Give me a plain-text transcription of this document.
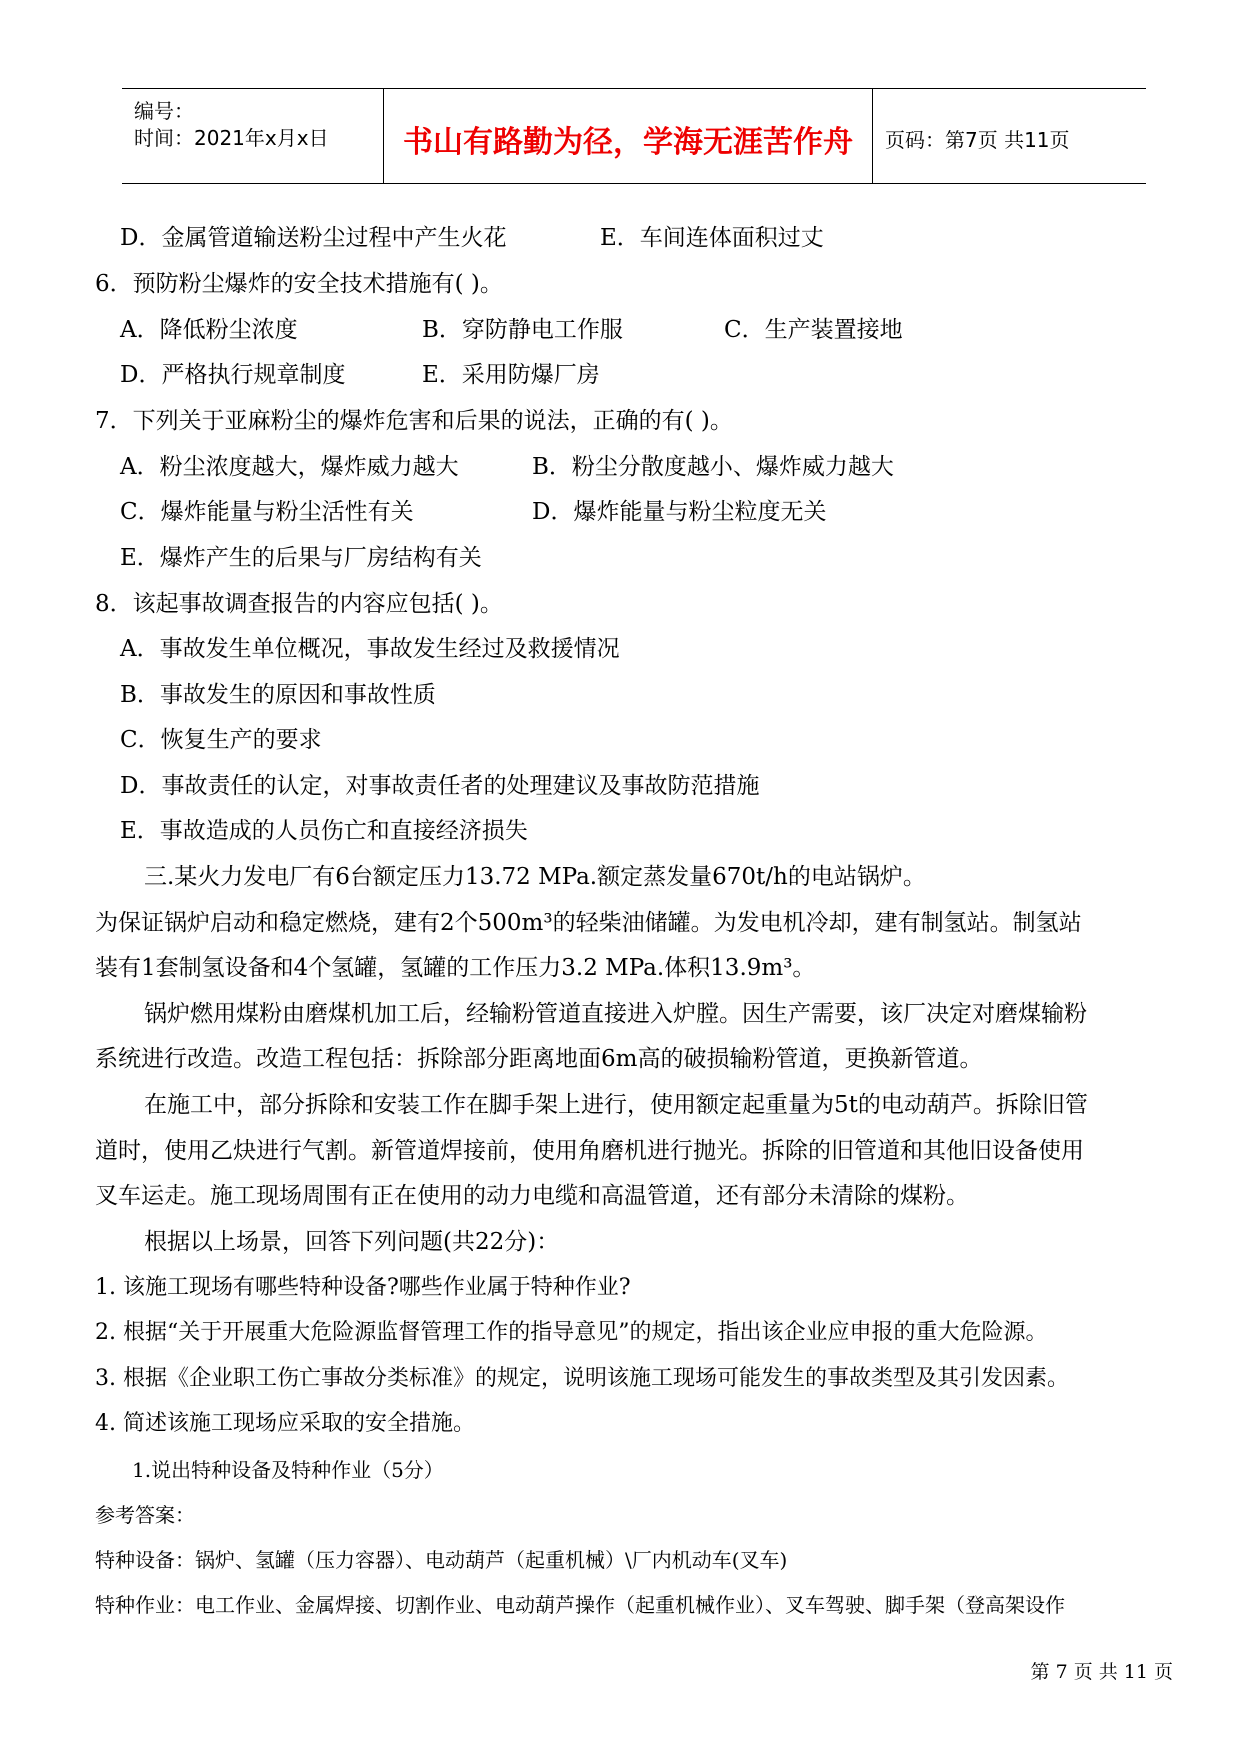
编号：
时间：2021年x月x日	书山有路勤为径，学海无涯苦作舟	页码：第7页 共11页
D．金属管道输送粉尘过程中产生火花	E．车间连体面积过丈
6．预防粉尘爆炸的安全技术措施有( )。
A．降低粉尘浓度	B．穿防静电工作服	C．生产装置接地
D．严格执行规章制度	E．采用防爆厂房
7．下列关于亚麻粉尘的爆炸危害和后果的说法，正确的有( )。
A．粉尘浓度越大，爆炸威力越大	B．粉尘分散度越小、爆炸威力越大
C．爆炸能量与粉尘活性有关	D．爆炸能量与粉尘粒度无关
E．爆炸产生的后果与厂房结构有关
8．该起事故调查报告的内容应包括( )。
A．事故发生单位概况，事故发生经过及救援情况
B．事故发生的原因和事故性质
C．恢复生产的要求
D．事故责任的认定，对事故责任者的处理建议及事故防范措施
E．事故造成的人员伤亡和直接经济损失
三.某火力发电厂有6台额定压力13.72 MPa.额定蒸发量670t/h的电站锅炉。
为保证锅炉启动和稳定燃烧，建有2个500m³的轻柴油储罐。为发电机冷却，建有制氢站。制氢站
装有1套制氢设备和4个氢罐，氢罐的工作压力3.2 MPa.体积13.9m³。
锅炉燃用煤粉由磨煤机加工后，经输粉管道直接进入炉膛。因生产需要，该厂决定对磨煤输粉
系统进行改造。改造工程包括：拆除部分距离地面6m高的破损输粉管道，更换新管道。
在施工中，部分拆除和安装工作在脚手架上进行，使用额定起重量为5t的电动葫芦。拆除旧管
道时，使用乙炔进行气割。新管道焊接前，使用角磨机进行抛光。拆除的旧管道和其他旧设备使用
叉车运走。施工现场周围有正在使用的动力电缆和高温管道，还有部分未清除的煤粉。
根据以上场景，回答下列问题(共22分)：
1. 该施工现场有哪些特种设备?哪些作业属于特种作业?
2. 根据“关于开展重大危险源监督管理工作的指导意见”的规定，指出该企业应申报的重大危险源。
3. 根据《企业职工伤亡事故分类标准》的规定，说明该施工现场可能发生的事故类型及其引发因素。
4. 简述该施工现场应采取的安全措施。
1.说出特种设备及特种作业（5分）
参考答案：
特种设备：锅炉、氢罐（压力容器）、电动葫芦（起重机械）\厂内机动车(叉车)
特种作业：电工作业、金属焊接、切割作业、电动葫芦操作（起重机械作业）、叉车驾驶、脚手架（登高架设作
第 7 页 共 11 页
